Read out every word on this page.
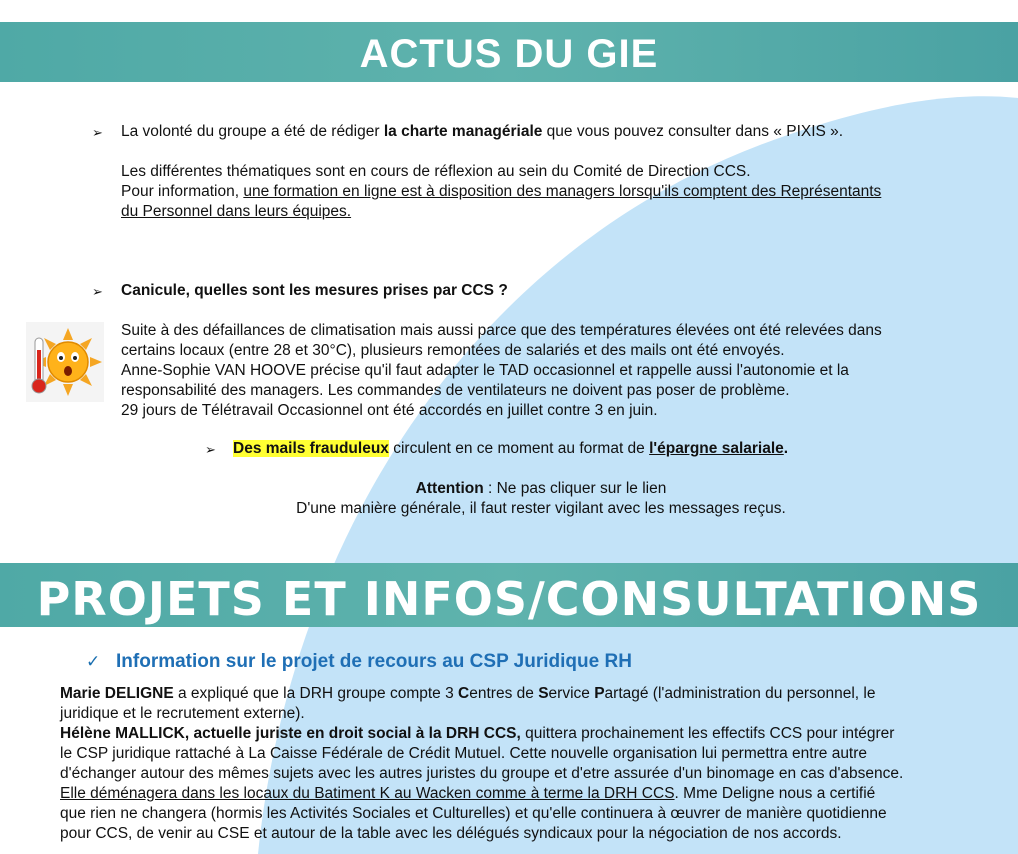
ACTUS DU GIE
➢ La volonté du groupe a été de rédiger la charte managériale que vous pouvez consulter dans « PIXIS ».
Les différentes thématiques sont en cours de réflexion au sein du Comité de Direction CCS.
Pour information, une formation en ligne est à disposition des managers lorsqu'ils comptent des Représentants
du Personnel dans leurs équipes.
➢ Canicule, quelles sont les mesures prises par CCS ?
Suite à des défaillances de climatisation mais aussi parce que des températures élevées ont été relevées dans
certains locaux (entre 28 et 30°C), plusieurs remontées de salariés et des mails ont été envoyés.
Anne-Sophie VAN HOOVE précise qu'il faut adapter le TAD occasionnel et rappelle aussi l'autonomie et la
responsabilité des managers. Les commandes de ventilateurs ne doivent pas poser de problème.
29 jours de Télétravail Occasionnel ont été accordés en juillet contre 3 en juin.
➢ Des mails frauduleux circulent en ce moment au format de l'épargne salariale.
Attention : Ne pas cliquer sur le lien
D'une manière générale, il faut rester vigilant avec les messages reçus.
PROJETS ET INFOS/CONSULTATIONS
✓ Information sur le projet de recours au CSP Juridique RH
Marie DELIGNE a expliqué que la DRH groupe compte 3 Centres de Service Partagé (l'administration du personnel, le
juridique et le recrutement externe).
Hélène MALLICK, actuelle juriste en droit social à la DRH CCS, quittera prochainement les effectifs CCS pour intégrer
le CSP juridique rattaché à La Caisse Fédérale de Crédit Mutuel. Cette nouvelle organisation lui permettra entre autre
d'échanger autour des mêmes sujets avec les autres juristes du groupe et d'etre assurée d'un binomage en cas d'absence.
Elle déménagera dans les locaux du Batiment K au Wacken comme à terme la DRH CCS. Mme Deligne nous a certifié
que rien ne changera (hormis les Activités Sociales et Culturelles) et qu'elle continuera à œuvrer de manière quotidienne
pour CCS, de venir au CSE et autour de la table avec les délégués syndicaux pour la négociation de nos accords.
